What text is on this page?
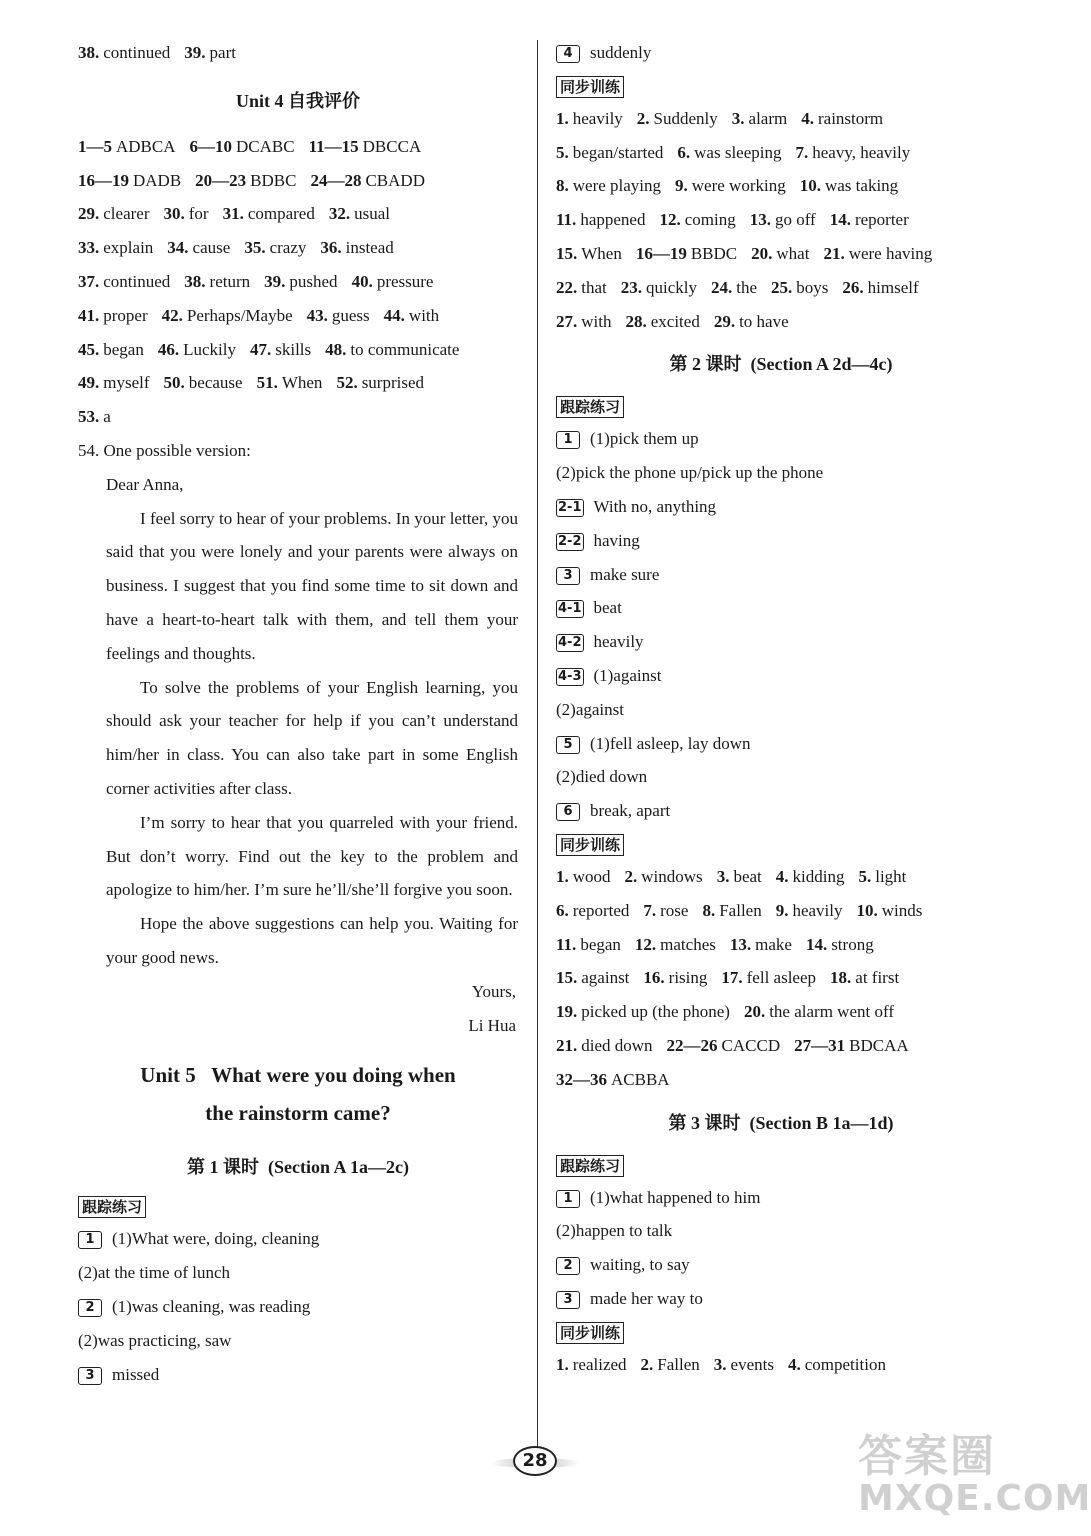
38. continued 39. part
Unit 4 自我评价
1—5 ADBCA 6—10 DCABC 11—15 DBCCA
16—19 DADB 20—23 BDBC 24—28 CBADD
29. clearer 30. for 31. compared 32. usual
33. explain 34. cause 35. crazy 36. instead
37. continued 38. return 39. pushed 40. pressure
41. proper 42. Perhaps/Maybe 43. guess 44. with
45. began 46. Luckily 47. skills 48. to communicate
49. myself 50. because 51. When 52. surprised
53. a
54. One possible version:
Dear Anna,
I feel sorry to hear of your problems. In your letter, you said that you were lonely and your parents were always on business. I suggest that you find some time to sit down and have a heart-to-heart talk with them, and tell them your feelings and thoughts.
To solve the problems of your English learning, you should ask your teacher for help if you can’t understand him/her in class. You can also take part in some English corner activities after class.
I’m sorry to hear that you quarreled with your friend. But don’t worry. Find out the key to the problem and apologize to him/her. I’m sure he’ll/she’ll forgive you soon.
Hope the above suggestions can help you. Waiting for your good news.
Yours,
Li Hua
Unit 5   What were you doing when
the rainstorm came?
第 1 课时  (Section A 1a—2c)
跟踪练习
1 (1)What were, doing, cleaning
(2)at the time of lunch
2 (1)was cleaning, was reading
(2)was practicing, saw
3 missed
4 suddenly
同步训练
1. heavily 2. Suddenly 3. alarm 4. rainstorm
5. began/started 6. was sleeping 7. heavy, heavily
8. were playing 9. were working 10. was taking
11. happened 12. coming 13. go off 14. reporter
15. When 16—19 BBDC 20. what 21. were having
22. that 23. quickly 24. the 25. boys 26. himself
27. with 28. excited 29. to have
第 2 课时  (Section A 2d—4c)
跟踪练习
1 (1)pick them up
(2)pick the phone up/pick up the phone
2-1 With no, anything
2-2 having
3 make sure
4-1 beat
4-2 heavily
4-3 (1)against
(2)against
5 (1)fell asleep, lay down
(2)died down
6 break, apart
同步训练
1. wood 2. windows 3. beat 4. kidding 5. light
6. reported 7. rose 8. Fallen 9. heavily 10. winds
11. began 12. matches 13. make 14. strong
15. against 16. rising 17. fell asleep 18. at first
19. picked up (the phone) 20. the alarm went off
21. died down 22—26 CACCD 27—31 BDCAA
32—36 ACBBA
第 3 课时  (Section B 1a—1d)
跟踪练习
1 (1)what happened to him
(2)happen to talk
2 waiting, to say
3 made her way to
同步训练
1. realized 2. Fallen 3. events 4. competition
28	答案圈
MXQE.COM
